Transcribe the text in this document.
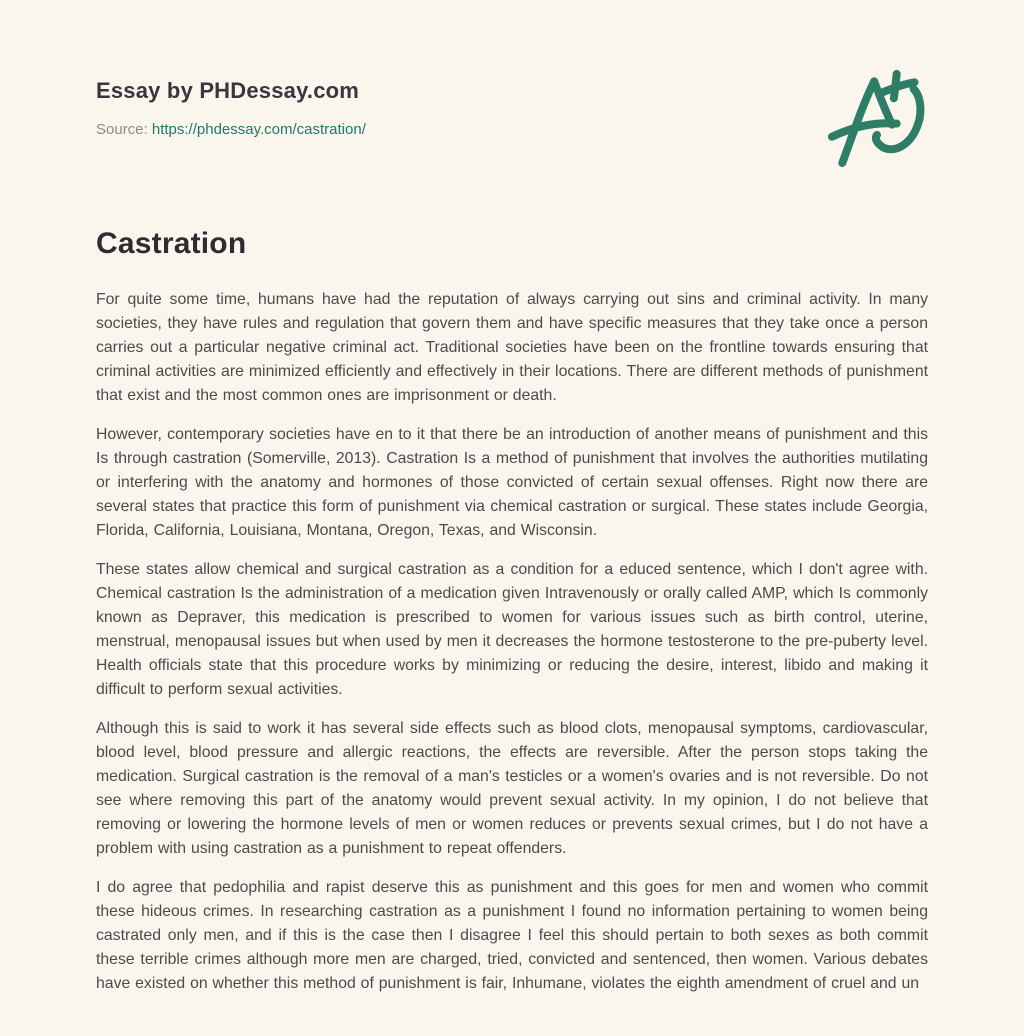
Essay by PHDessay.com
Source: https://phdessay.com/castration/
Castration

For quite some time, humans have had the reputation of always carrying out sins and criminal activity. In many societies, they have rules and regulation that govern them and have specific measures that they take once a person carries out a particular negative criminal act. Traditional societies have been on the frontline towards ensuring that criminal activities are minimized efficiently and effectively in their locations. There are different methods of punishment that exist and the most common ones are imprisonment or death.

However, contemporary societies have en to it that there be an introduction of another means of punishment and this Is through castration (Somerville, 2013). Castration Is a method of punishment that involves the authorities mutilating or interfering with the anatomy and hormones of those convicted of certain sexual offenses. Right now there are several states that practice this form of punishment via chemical castration or surgical. These states include Georgia, Florida, California, Louisiana, Montana, Oregon, Texas, and Wisconsin.

These states allow chemical and surgical castration as a condition for a educed sentence, which I don't agree with. Chemical castration Is the administration of a medication given Intravenously or orally called AMP, which Is commonly known as Depraver, this medication is prescribed to women for various issues such as birth control, uterine, menstrual, menopausal issues but when used by men it decreases the hormone testosterone to the pre-puberty level. Health officials state that this procedure works by minimizing or reducing the desire, interest, libido and making it difficult to perform sexual activities.

Although this is said to work it has several side effects such as blood clots, menopausal symptoms, cardiovascular, blood level, blood pressure and allergic reactions, the effects are reversible. After the person stops taking the medication. Surgical castration is the removal of a man's testicles or a women's ovaries and is not reversible. Do not see where removing this part of the anatomy would prevent sexual activity. In my opinion, I do not believe that removing or lowering the hormone levels of men or women reduces or prevents sexual crimes, but I do not have a problem with using castration as a punishment to repeat offenders.

I do agree that pedophilia and rapist deserve this as punishment and this goes for men and women who commit these hideous crimes. In researching castration as a punishment I found no information pertaining to women being castrated only men, and if this is the case then I disagree I feel this should pertain to both sexes as both commit these terrible crimes although more men are charged, tried, convicted and sentenced, then women. Various debates have existed on whether this method of punishment is fair, Inhumane, violates the eighth amendment of cruel and un
